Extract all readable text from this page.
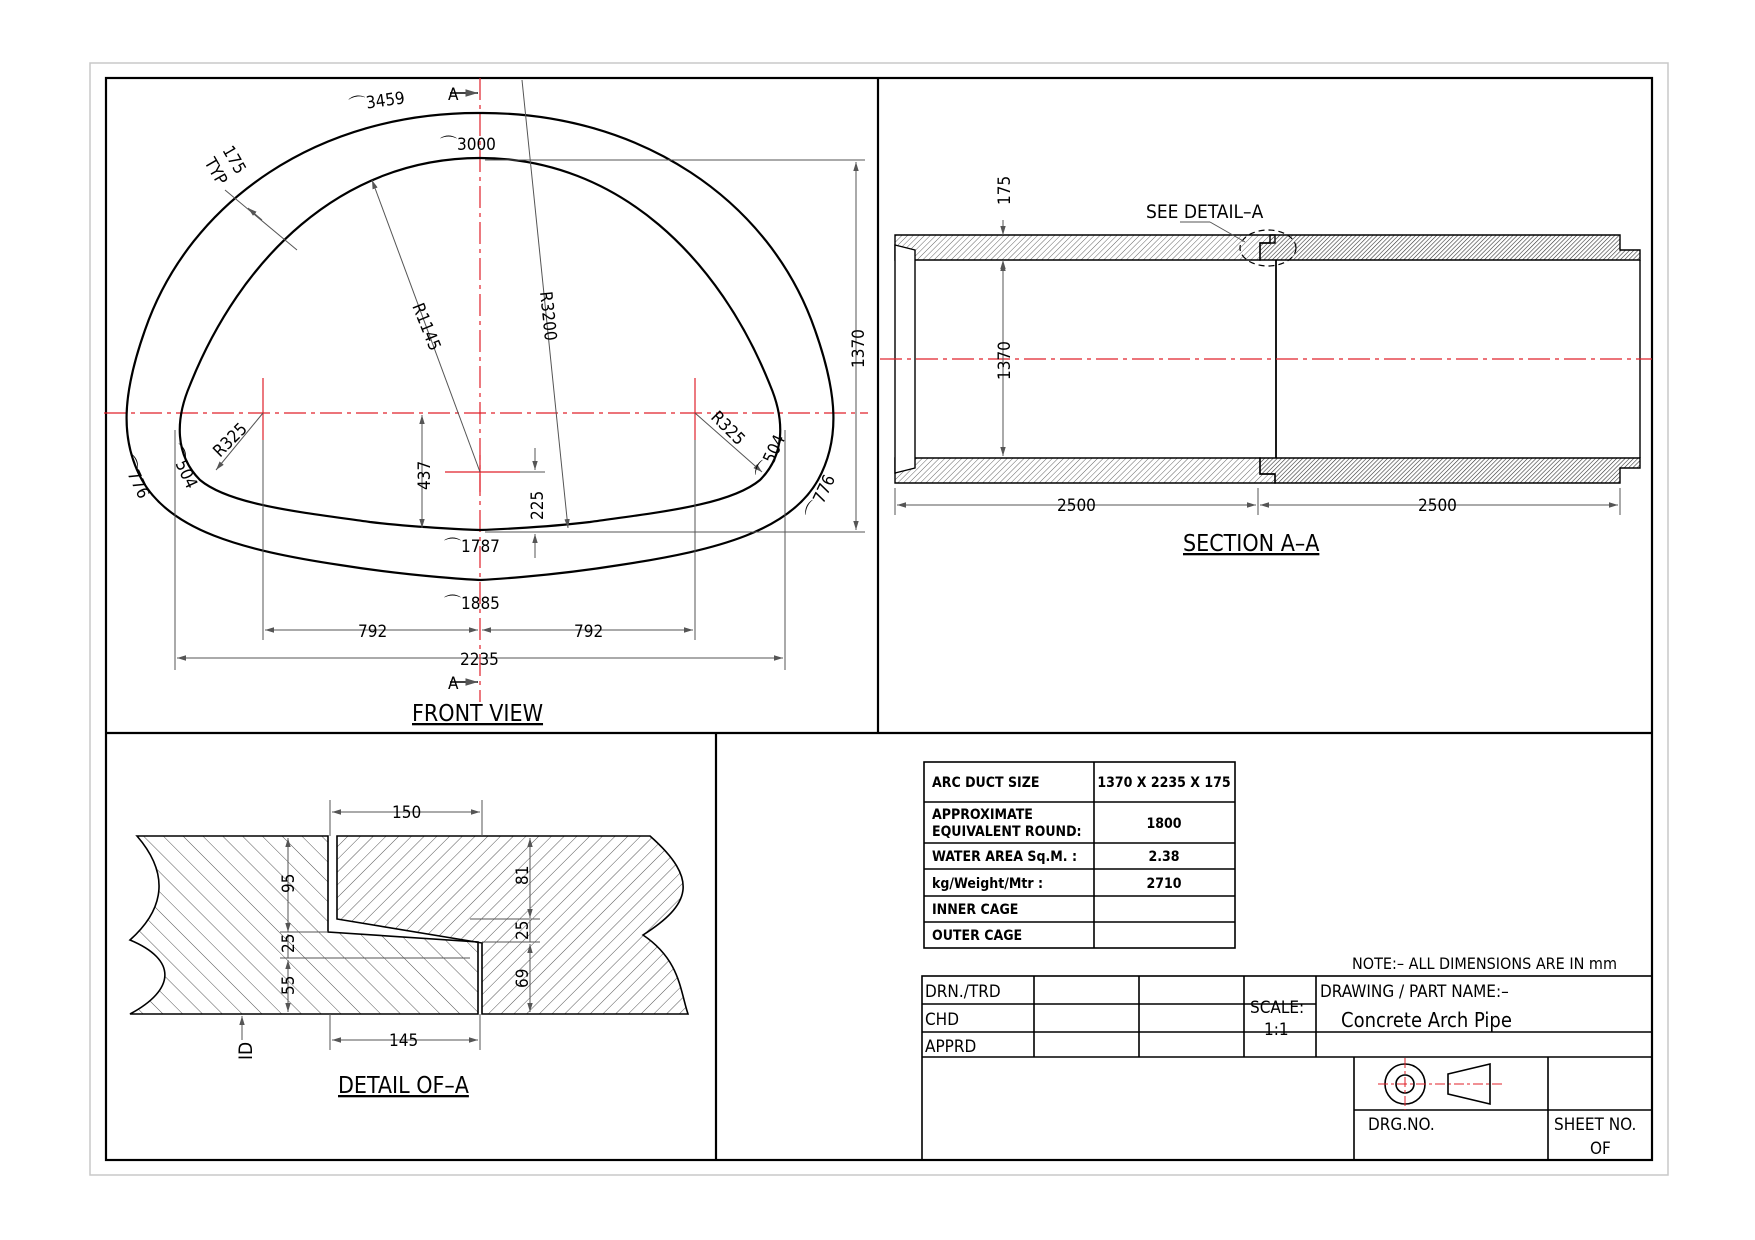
A
A
⌒3459
⌒3000
175
TYP
R3200
R1145
R325	R325
⌒504
⌒776	⌒504
⌒776
437
225
⌒1787
⌒1885
792	792
2235
1370
FRONT VIEW
175
SEE DETAIL–A
1370
2500	2500
SECTION A–A
150
95
25
55
81
25
69
145
ID
DETAIL OF–A
ARC DUCT SIZE	1370 X 2235 X 175
APPROXIMATE
EQUIVALENT ROUND:	1800
WATER AREA Sq.M. :	2.38
kg/Weight/Mtr :	2710
INNER CAGE
OUTER CAGE
NOTE:– ALL DIMENSIONS ARE IN mm
DRN./TRD
CHD
APPRD
SCALE:
1:1
DRAWING / PART NAME:–
Concrete Arch Pipe
DRG.NO.	SHEET NO.
OF
